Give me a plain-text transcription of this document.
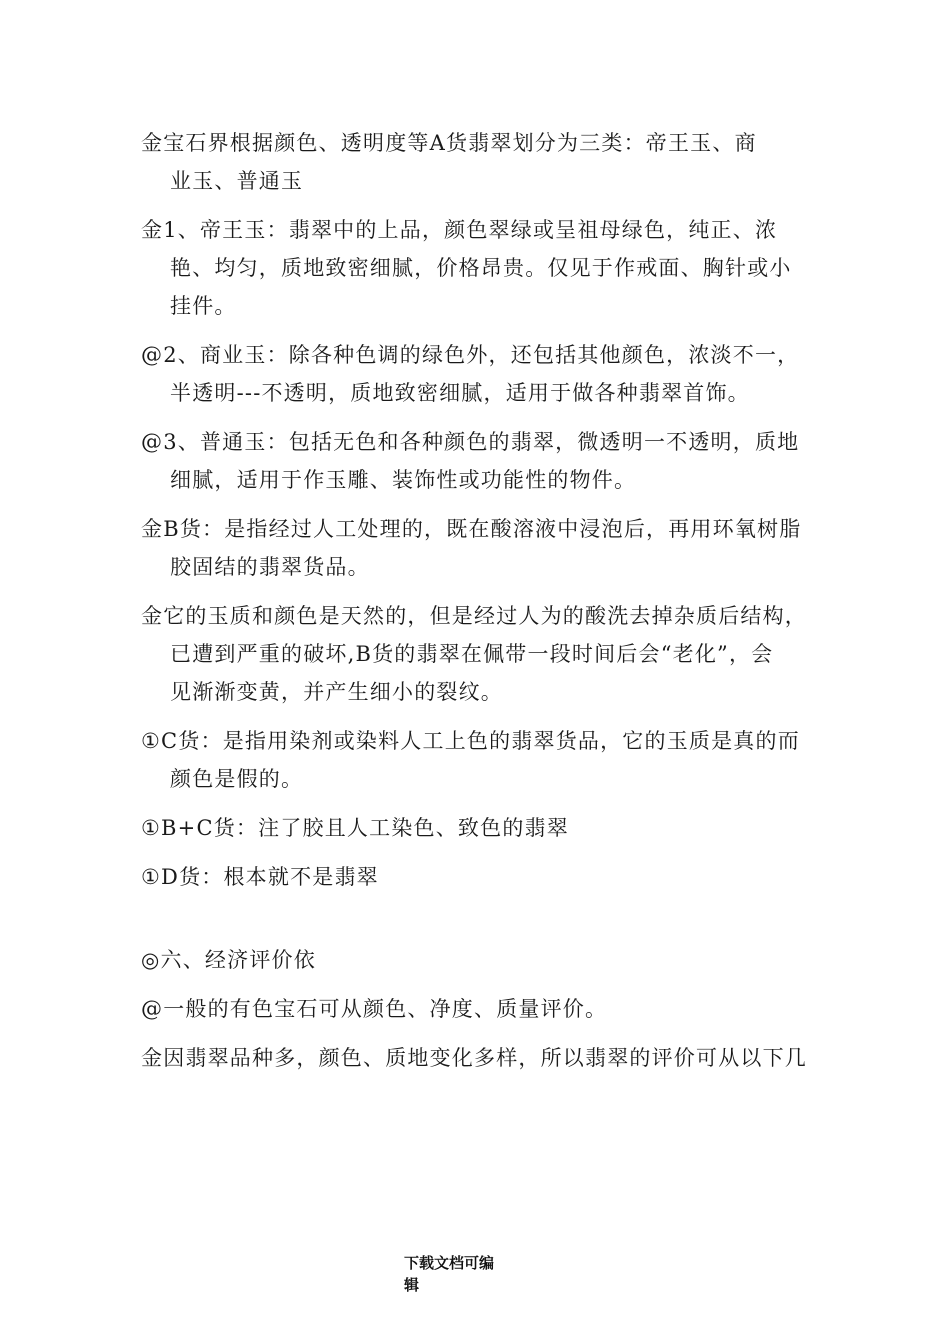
金宝石界根据颜色、透明度等A货翡翠划分为三类：帝王玉、商
业玉、普通玉
金1、帝王玉：翡翠中的上品，颜色翠绿或呈祖母绿色，纯正、浓
艳、均匀，质地致密细腻，价格昂贵。仅见于作戒面、胸针或小
挂件。
@2、商业玉：除各种色调的绿色外，还包括其他颜色，浓淡不一，
半透明---不透明，质地致密细腻，适用于做各种翡翠首饰。
@3、普通玉：包括无色和各种颜色的翡翠，微透明一不透明，质地
细腻，适用于作玉雕、装饰性或功能性的物件。
金B货：是指经过人工处理的，既在酸溶液中浸泡后，再用环氧树脂
胶固结的翡翠货品。
金它的玉质和颜色是天然的，但是经过人为的酸洗去掉杂质后结构，
已遭到严重的破坏,B货的翡翠在佩带一段时间后会“老化”，会
见渐渐变黄，并产生细小的裂纹。
①C货：是指用染剂或染料人工上色的翡翠货品，它的玉质是真的而
颜色是假的。
①B+C货：注了胶且人工染色、致色的翡翠
①D货：根本就不是翡翠
◎六、经济评价依
@一般的有色宝石可从颜色、净度、质量评价。
金因翡翠品种多，颜色、质地变化多样，所以翡翠的评价可从以下几
下载文档可编
辑
